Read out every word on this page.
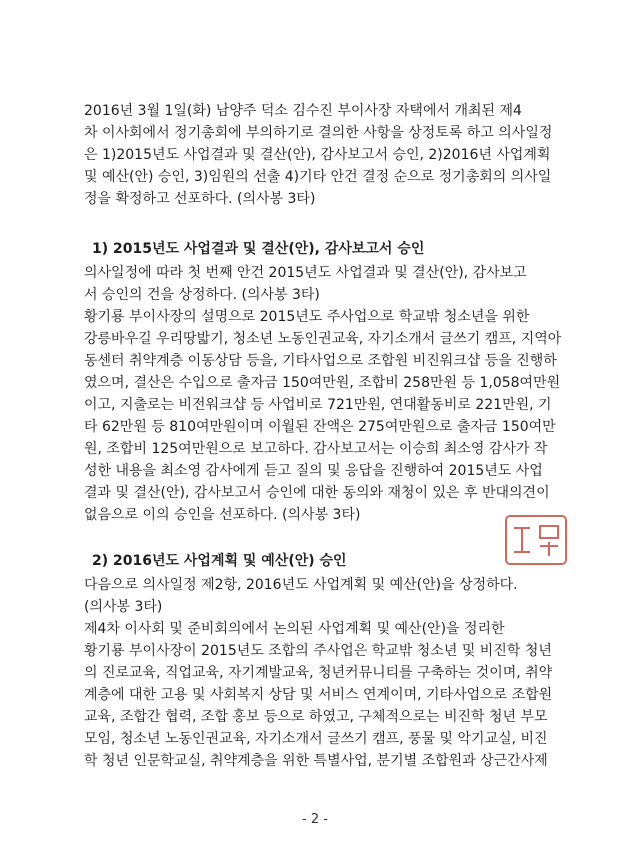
2016년 3월 1일(화) 남양주 덕소 김수진 부이사장 자택에서 개최된 제4
차 이사회에서 정기총회에 부의하기로 결의한 사항을 상정토록 하고 의사일정
은 1)2015년도 사업결과 및 결산(안), 감사보고서 승인, 2)2016년 사업계획
및 예산(안) 승인, 3)임원의 선출 4)기타 안건 결정 순으로 정기총회의 의사일
정을 확정하고 선포하다. (의사봉 3타)
1) 2015년도 사업결과 및 결산(안), 감사보고서 승인
의사일정에 따라 첫 번째 안건 2015년도 사업결과 및 결산(안), 감사보고
서 승인의 건을 상정하다. (의사봉 3타)
황기룡 부이사장의 설명으로 2015년도 주사업으로 학교밖 청소년을 위한
강릉바우길 우리땅밟기, 청소년 노동인권교육, 자기소개서 글쓰기 캠프, 지역아
동센터 취약계층 이동상담 등을, 기타사업으로 조합원 비진워크샵 등을 진행하
였으며, 결산은 수입으로 출자금 150여만원, 조합비 258만원 등 1,058여만원
이고, 지출로는 비전워크샵 등 사업비로 721만원, 연대활동비로 221만원, 기
타 62만원 등 810여만원이며 이월된 잔액은 275여만원으로 출자금 150여만
원, 조합비 125여만원으로 보고하다. 감사보고서는 이승희 최소영 감사가 작
성한 내용을 최소영 감사에게 듣고 질의 및 응답을 진행하여 2015년도 사업
결과 및 결산(안), 감사보고서 승인에 대한 동의와 재청이 있은 후 반대의견이
없음으로 이의 승인을 선포하다. (의사봉 3타)
2) 2016년도 사업계획 및 예산(안) 승인
다음으로 의사일정 제2항, 2016년도 사업계획 및 예산(안)을 상정하다.
(의사봉 3타)
제4차 이사회 및 준비회의에서 논의된 사업계획 및 예산(안)을 정리한
황기룡 부이사장이 2015년도 조합의 주사업은 학교밖 청소년 및 비진학 청년
의 진로교육, 직업교육, 자기계발교육, 청년커뮤니티를 구축하는 것이며, 취약
계층에 대한 고용 및 사회복지 상담 및 서비스 연계이며, 기타사업으로 조합원
교육, 조합간 협력, 조합 홍보 등으로 하였고, 구체적으로는 비진학 청년 부모
모임, 청소년 노동인권교육, 자기소개서 글쓰기 캠프, 풍물 및 악기교실, 비진
학 청년 인문학교실, 취약계층을 위한 특별사업, 분기별 조합원과 상근간사제
- 2 -
